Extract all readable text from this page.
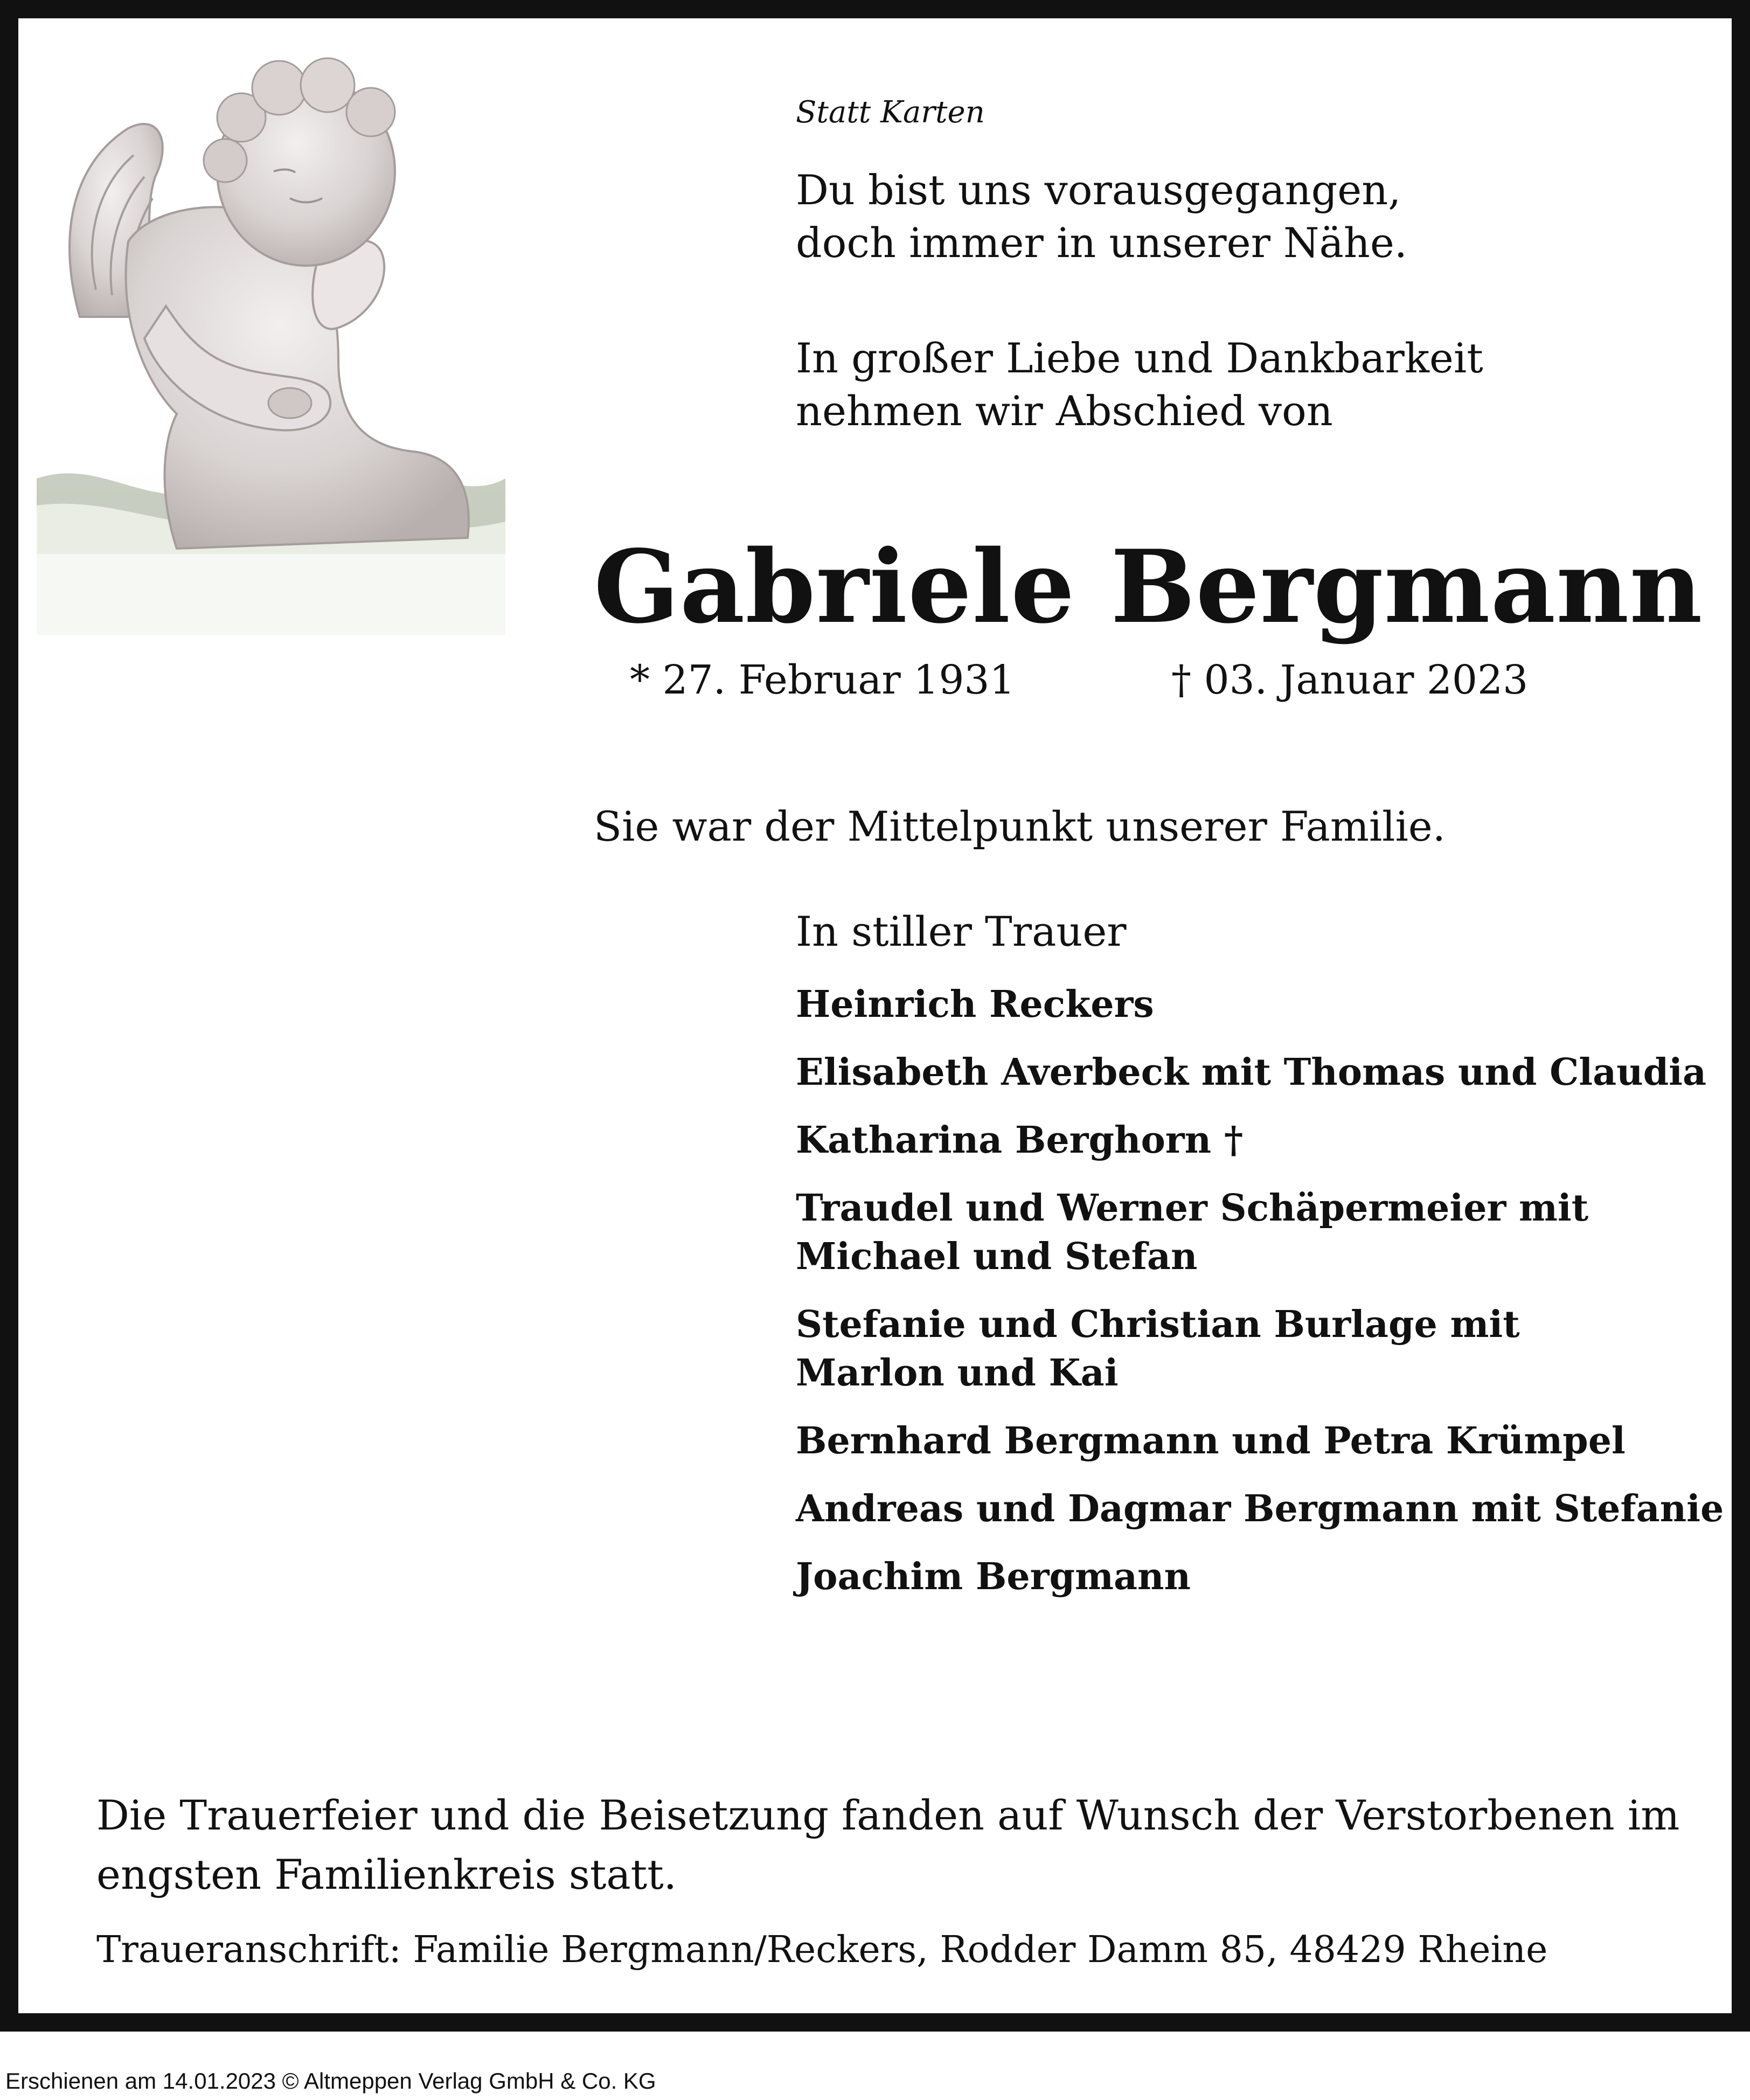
Statt Karten
Du bist uns vorausgegangen,
doch immer in unserer Nähe.
In großer Liebe und Dankbarkeit
nehmen wir Abschied von
Gabriele Bergmann
* 27. Februar 1931	† 03. Januar 2023
Sie war der Mittelpunkt unserer Familie.
In stiller Trauer
Heinrich Reckers
Elisabeth Averbeck mit Thomas und Claudia
Katharina Berghorn †
Traudel und Werner Schäpermeier mit Michael und Stefan
Stefanie und Christian Burlage mit Marlon und Kai
Bernhard Bergmann und Petra Krümpel
Andreas und Dagmar Bergmann mit Stefanie
Joachim Bergmann
Die Trauerfeier und die Beisetzung fanden auf Wunsch der Verstorbenen im engsten Familienkreis statt.
Traueranschrift: Familie Bergmann/Reckers, Rodder Damm 85, 48429 Rheine
Erschienen am 14.01.2023 © Altmeppen Verlag GmbH & Co. KG
